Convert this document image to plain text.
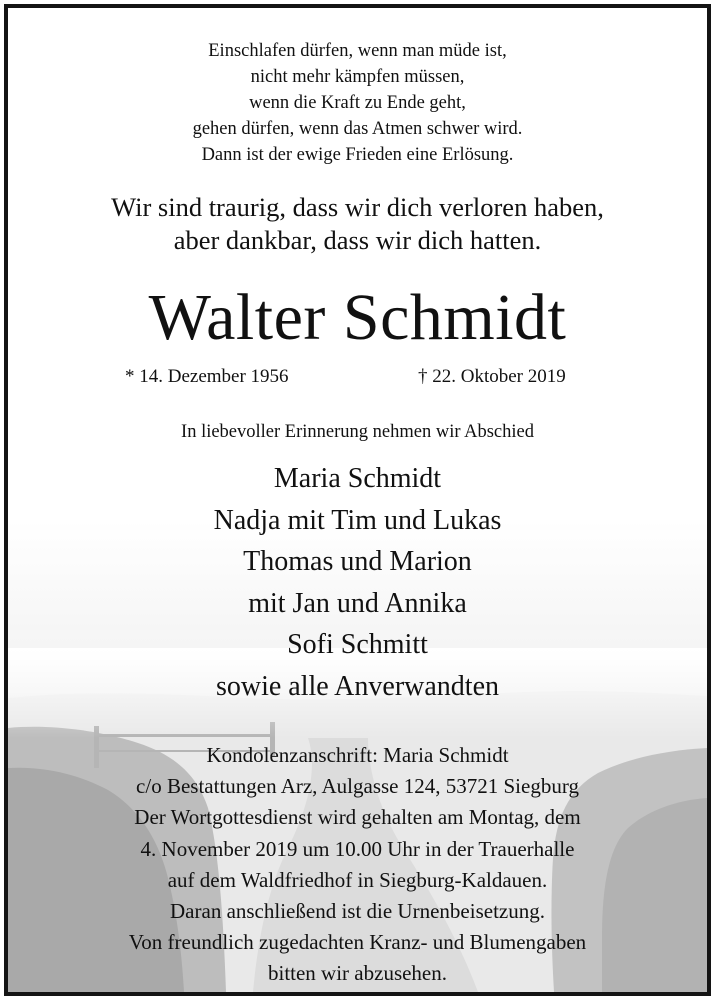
Einschlafen dürfen, wenn man müde ist,
nicht mehr kämpfen müssen,
wenn die Kraft zu Ende geht,
gehen dürfen, wenn das Atmen schwer wird.
Dann ist der ewige Frieden eine Erlösung.
Wir sind traurig, dass wir dich verloren haben,
aber dankbar, dass wir dich hatten.
Walter Schmidt
* 14. Dezember 1956	† 22. Oktober 2019
In liebevoller Erinnerung nehmen wir Abschied
Maria Schmidt
Nadja mit Tim und Lukas
Thomas und Marion
mit Jan und Annika
Sofi Schmitt
sowie alle Anverwandten
Kondolenzanschrift: Maria Schmidt
c/o Bestattungen Arz, Aulgasse 124, 53721 Siegburg
Der Wortgottesdienst wird gehalten am Montag, dem
4. November 2019 um 10.00 Uhr in der Trauerhalle
auf dem Waldfriedhof in Siegburg-Kaldauen.
Daran anschließend ist die Urnenbeisetzung.
Von freundlich zugedachten Kranz- und Blumengaben
bitten wir abzusehen.
